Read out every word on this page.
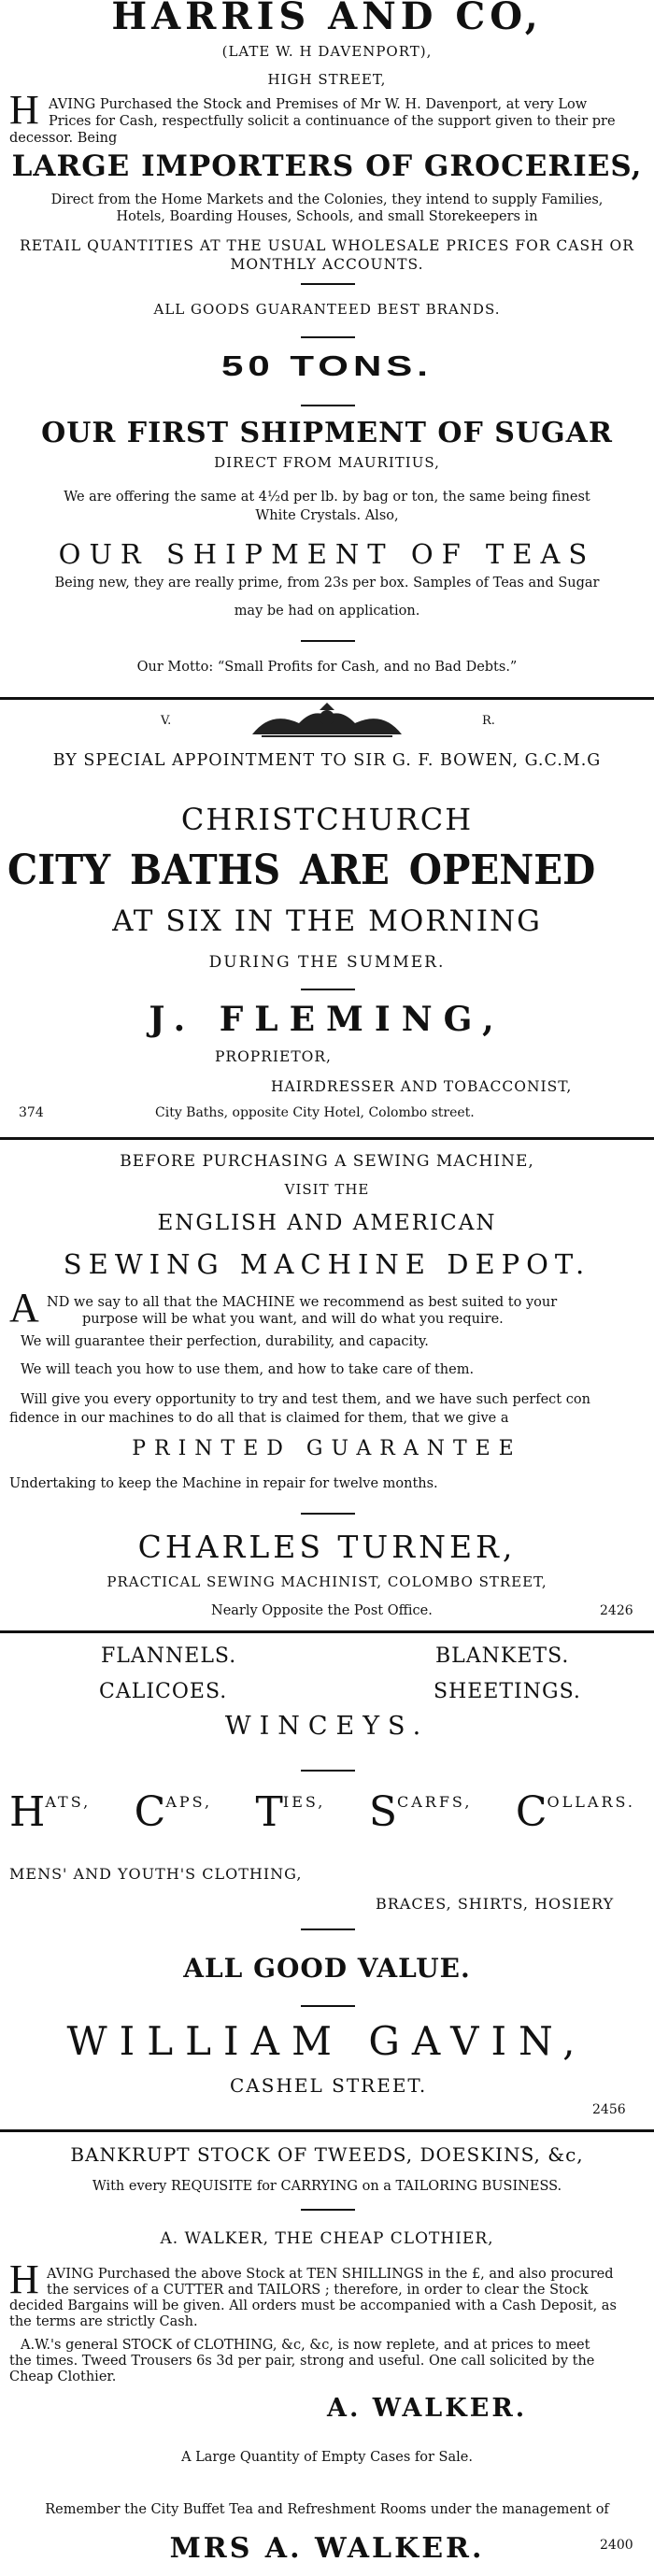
HARRIS AND CO,
(LATE W. H DAVENPORT),
HIGH STREET,
H AVING Purchased the Stock and Premises of Mr W. H. Davenport, at very Low
Prices for Cash, respectfully solicit a continuance of the support given to their pre
decessor. Being
LARGE IMPORTERS OF GROCERIES,
Direct from the Home Markets and the Colonies, they intend to supply Families,
Hotels, Boarding Houses, Schools, and small Storekeepers in
RETAIL QUANTITIES AT THE USUAL WHOLESALE PRICES FOR CASH OR
MONTHLY ACCOUNTS.
ALL GOODS GUARANTEED BEST BRANDS.
50 TONS.
OUR FIRST SHIPMENT OF SUGAR
DIRECT FROM MAURITIUS,
We are offering the same at 4½d per lb. by bag or ton, the same being finest
White Crystals. Also,
OUR SHIPMENT OF TEAS
Being new, they are really prime, from 23s per box. Samples of Teas and Sugar
may be had on application.
Our Motto: “Small Profits for Cash, and no Bad Debts.”
V.	R.
BY SPECIAL APPOINTMENT TO SIR G. F. BOWEN, G.C.M.G
CHRISTCHURCH
CITY BATHS ARE OPENED
AT SIX IN THE MORNING
DURING THE SUMMER.
J. FLEMING,
PROPRIETOR,
HAIRDRESSER AND TOBACCONIST,
374	City Baths, opposite City Hotel, Colombo street.
BEFORE PURCHASING A SEWING MACHINE,
VISIT THE
ENGLISH AND AMERICAN
SEWING MACHINE DEPOT.
A ND we say to all that the MACHINE we recommend as best suited to your
purpose will be what you want, and will do what you require.
We will guarantee their perfection, durability, and capacity.
We will teach you how to use them, and how to take care of them.
Will give you every opportunity to try and test them, and we have such perfect con
fidence in our machines to do all that is claimed for them, that we give a
PRINTED GUARANTEE
Undertaking to keep the Machine in repair for twelve months.
CHARLES TURNER,
PRACTICAL SEWING MACHINIST, COLOMBO STREET,
Nearly Opposite the Post Office.	2426
FLANNELS.	BLANKETS.
CALICOES.	SHEETINGS.
WINCEYS.
HATS, CAPS, TIES, SCARFS, COLLARS.
MENS' AND YOUTH'S CLOTHING,
BRACES, SHIRTS, HOSIERY
ALL GOOD VALUE.
WILLIAM GAVIN,
CASHEL STREET.
2456
BANKRUPT STOCK OF TWEEDS, DOESKINS, &c,
With every REQUISITE for CARRYING on a TAILORING BUSINESS.
A. WALKER, THE CHEAP CLOTHIER,
H AVING Purchased the above Stock at TEN SHILLINGS in the £, and also procured
the services of a CUTTER and TAILORS ; therefore, in order to clear the Stock
decided Bargains will be given. All orders must be accompanied with a Cash Deposit, as
the terms are strictly Cash.
A.W.'s general STOCK of CLOTHING, &c, &c, is now replete, and at prices to meet
the times. Tweed Trousers 6s 3d per pair, strong and useful. One call solicited by the
Cheap Clothier.
A. WALKER.
A Large Quantity of Empty Cases for Sale.
Remember the City Buffet Tea and Refreshment Rooms under the management of
MRS A. WALKER.	2400
